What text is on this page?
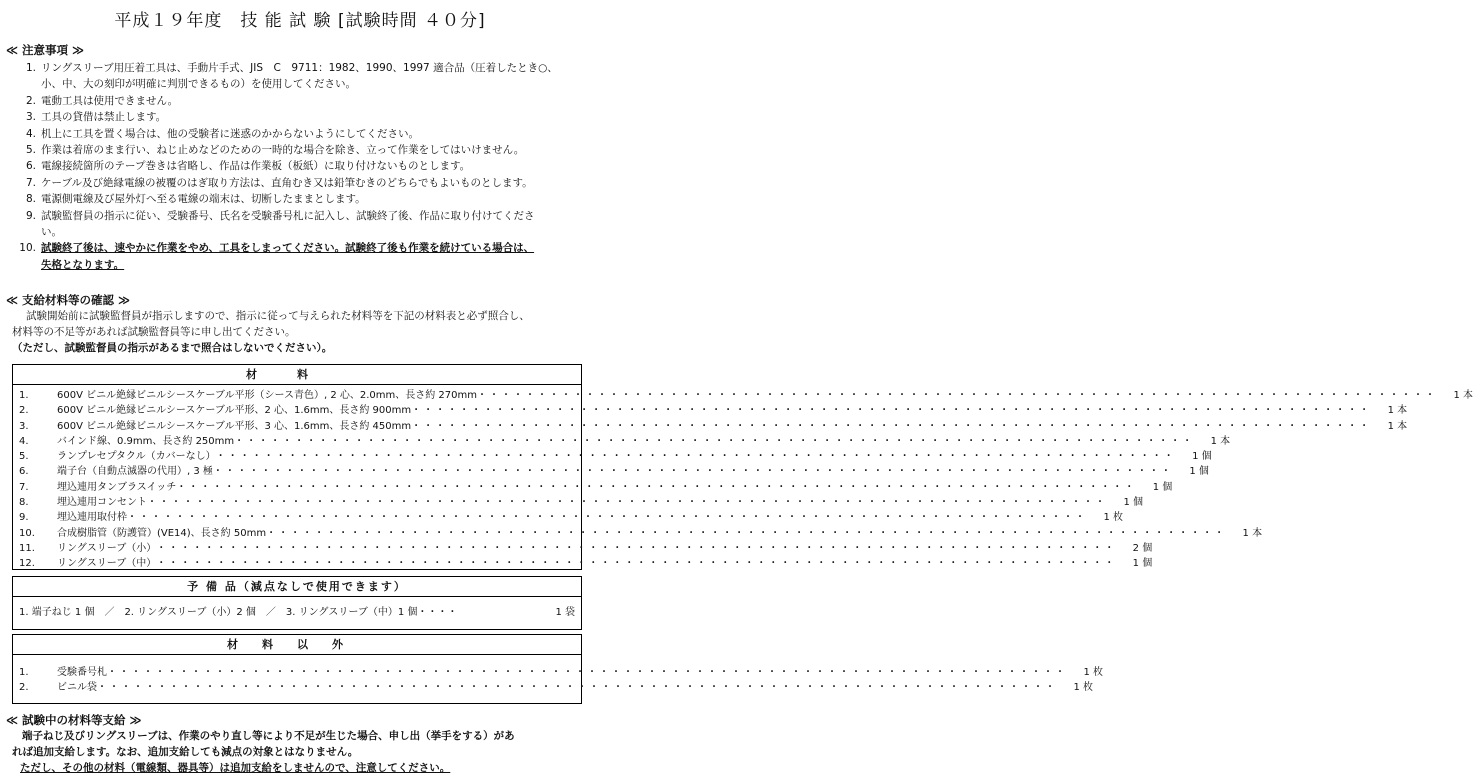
平成１９年度　技 能 試 験 [試験時間 ４０分]
≪ 注意事項 ≫
1. リングスリーブ用圧着工具は、手動片手式、JIS　C　9711：1982、1990、1997 適合品（圧着したとき○、
小、中、大の刻印が明確に判別できるもの）を使用してください。
2. 電動工具は使用できません。
3. 工具の貸借は禁止します。
4. 机上に工具を置く場合は、他の受験者に迷惑のかからないようにしてください。
5. 作業は着席のまま行い、ねじ止めなどのための一時的な場合を除き、立って作業をしてはいけません。
6. 電線接続箇所のテープ巻きは省略し、作品は作業板（板紙）に取り付けないものとします。
7. ケーブル及び絶縁電線の被覆のはぎ取り方法は、直角むき又は鉛筆むきのどちらでもよいものとします。
8. 電源側電線及び屋外灯へ至る電線の端末は、切断したままとします。
9. 試験監督員の指示に従い、受験番号、氏名を受験番号札に記入し、試験終了後、作品に取り付けてくださ
い。
10. 試験終了後は、速やかに作業をやめ、工具をしまってください。試験終了後も作業を続けている場合は、
失格となります。
≪ 支給材料等の確認 ≫
試験開始前に試験監督員が指示しますので、指示に従って与えられた材料等を下記の材料表と必ず照合し、
材料等の不足等があれば試験監督員等に申し出てください。
（ただし、試験監督員の指示があるまで照合はしないでください）。
材料
1.	600V ビニル絶縁ビニルシースケーブル平形（シース青色）, 2 心、2.0mm、長さ約 270mm ・・・・・・・・・・・・・・・・・・・・・・・・・・・・・・・・・・・・・・・・・・・・・・・・・・・・・・・・・・・・・・・・・・・・・・・・・・・・・・・・	1 本
2.	600V ビニル絶縁ビニルシースケーブル平形、2 心、1.6mm、長さ約 900mm ・・・・・・・・・・・・・・・・・・・・・・・・・・・・・・・・・・・・・・・・・・・・・・・・・・・・・・・・・・・・・・・・・・・・・・・・・・・・・・・・	1 本
3.	600V ビニル絶縁ビニルシースケーブル平形、3 心、1.6mm、長さ約 450mm ・・・・・・・・・・・・・・・・・・・・・・・・・・・・・・・・・・・・・・・・・・・・・・・・・・・・・・・・・・・・・・・・・・・・・・・・・・・・・・・・	1 本
4.	バインド線、0.9mm、長さ約 250mm ・・・・・・・・・・・・・・・・・・・・・・・・・・・・・・・・・・・・・・・・・・・・・・・・・・・・・・・・・・・・・・・・・・・・・・・・・・・・・・・・	1 本
5.	ランプレセプタクル（カバーなし） ・・・・・・・・・・・・・・・・・・・・・・・・・・・・・・・・・・・・・・・・・・・・・・・・・・・・・・・・・・・・・・・・・・・・・・・・・・・・・・・・	1 個
6.	端子台（自動点滅器の代用）, 3 極 ・・・・・・・・・・・・・・・・・・・・・・・・・・・・・・・・・・・・・・・・・・・・・・・・・・・・・・・・・・・・・・・・・・・・・・・・・・・・・・・・	1 個
7.	埋込連用タンブラスイッチ ・・・・・・・・・・・・・・・・・・・・・・・・・・・・・・・・・・・・・・・・・・・・・・・・・・・・・・・・・・・・・・・・・・・・・・・・・・・・・・・・	1 個
8.	埋込連用コンセント ・・・・・・・・・・・・・・・・・・・・・・・・・・・・・・・・・・・・・・・・・・・・・・・・・・・・・・・・・・・・・・・・・・・・・・・・・・・・・・・・	1 個
9.	埋込連用取付枠 ・・・・・・・・・・・・・・・・・・・・・・・・・・・・・・・・・・・・・・・・・・・・・・・・・・・・・・・・・・・・・・・・・・・・・・・・・・・・・・・・	1 枚
10.	合成樹脂管（防護管）(VE14)、長さ約 50mm ・・・・・・・・・・・・・・・・・・・・・・・・・・・・・・・・・・・・・・・・・・・・・・・・・・・・・・・・・・・・・・・・・・・・・・・・・・・・・・・・	1 本
11.	リングスリーブ（小） ・・・・・・・・・・・・・・・・・・・・・・・・・・・・・・・・・・・・・・・・・・・・・・・・・・・・・・・・・・・・・・・・・・・・・・・・・・・・・・・・	2 個
12.	リングスリーブ（中） ・・・・・・・・・・・・・・・・・・・・・・・・・・・・・・・・・・・・・・・・・・・・・・・・・・・・・・・・・・・・・・・・・・・・・・・・・・・・・・・・	1 個
予 備 品（減点なしで使用できます）
1. 端子ねじ 1 個　／　2. リングスリーブ（小）2 個　／　3. リングスリーブ（中）1 個・・・・	1 袋
材料以外
1.	受験番号札 ・・・・・・・・・・・・・・・・・・・・・・・・・・・・・・・・・・・・・・・・・・・・・・・・・・・・・・・・・・・・・・・・・・・・・・・・・・・・・・・・	1 枚
2.	ビニル袋 ・・・・・・・・・・・・・・・・・・・・・・・・・・・・・・・・・・・・・・・・・・・・・・・・・・・・・・・・・・・・・・・・・・・・・・・・・・・・・・・・	1 枚
≪ 試験中の材料等支給 ≫
端子ねじ及びリングスリーブは、作業のやり直し等により不足が生じた場合、申し出（挙手をする）があ
れば追加支給します。なお、追加支給しても減点の対象とはなりません。
ただし、その他の材料（電線類、器具等）は追加支給をしませんので、注意してください。
